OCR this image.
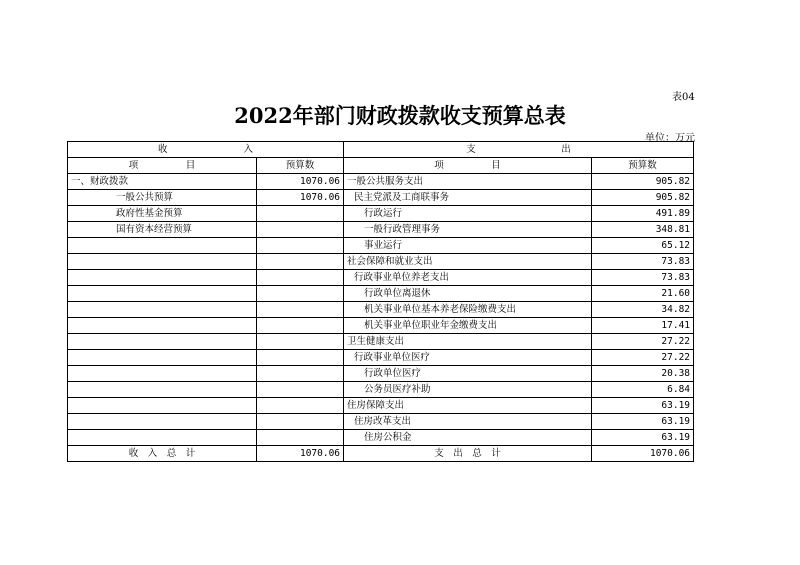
表04
2022年部门财政拨款收支预算总表
单位：万元
收　　　　　　　　入		支　　　　　　　　　出	
项　　　　　目	预算数	项　　　　　目	预算数
一、财政拨款	1070.06	一般公共服务支出	905.82
一般公共预算	1070.06	民主党派及工商联事务	905.82
政府性基金预算		行政运行	491.89
国有资本经营预算		一般行政管理事务	348.81
		事业运行	65.12
		社会保障和就业支出	73.83
		行政事业单位养老支出	73.83
		行政单位离退休	21.60
		机关事业单位基本养老保险缴费支出	34.82
		机关事业单位职业年金缴费支出	17.41
		卫生健康支出	27.22
		行政事业单位医疗	27.22
		行政单位医疗	20.38
		公务员医疗补助	6.84
		住房保障支出	63.19
		住房改革支出	63.19
		住房公积金	63.19
收　入　总　计	1070.06	支　出　总　计	1070.06
